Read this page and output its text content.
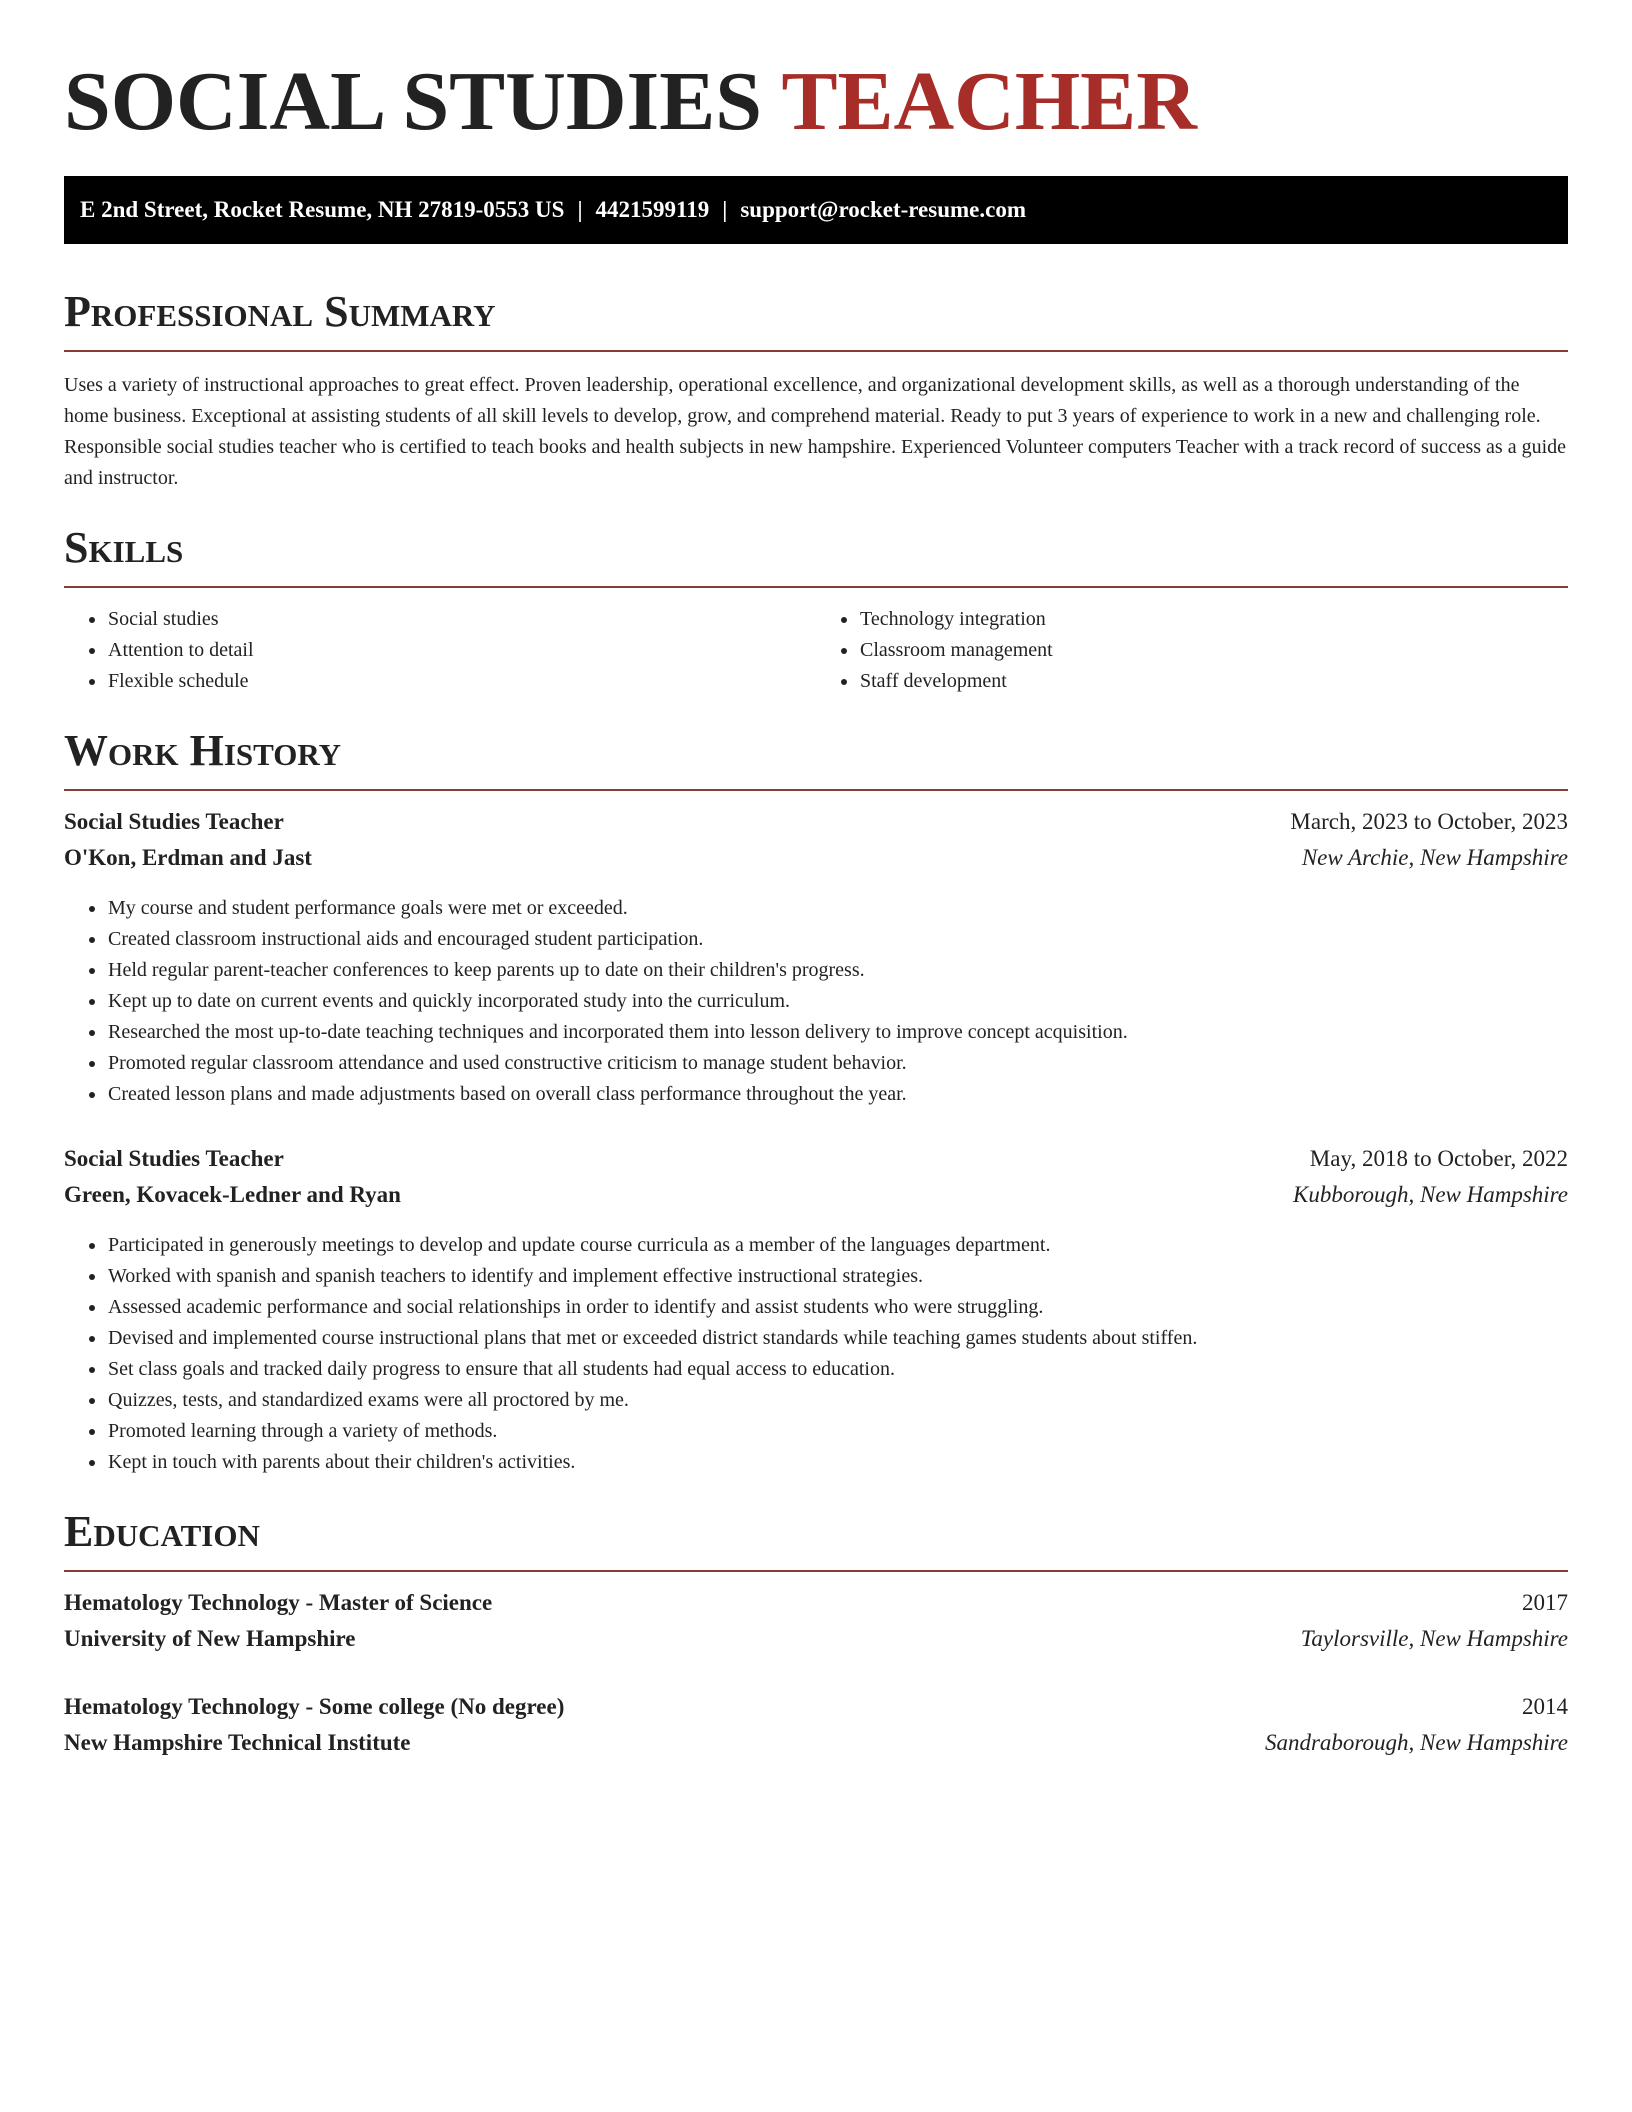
SOCIAL STUDIES TEACHER
E 2nd Street, Rocket Resume, NH 27819-0553 US | 4421599119 | support@rocket-resume.com
Professional Summary

Uses a variety of instructional approaches to great effect. Proven leadership, operational excellence, and organizational development skills, as well as a thorough understanding of the home business. Exceptional at assisting students of all skill levels to develop, grow, and comprehend material. Ready to put 3 years of experience to work in a new and challenging role. Responsible social studies teacher who is certified to teach books and health subjects in new hampshire. Experienced Volunteer computers Teacher with a track record of success as a guide and instructor.

Skills
• Social studies
• Attention to detail
• Flexible schedule
• Technology integration
• Classroom management
• Staff development
Work History
Social Studies Teacher	March, 2023 to October, 2023
O'Kon, Erdman and Jast	New Archie, New Hampshire
• My course and student performance goals were met or exceeded.
• Created classroom instructional aids and encouraged student participation.
• Held regular parent-teacher conferences to keep parents up to date on their children's progress.
• Kept up to date on current events and quickly incorporated study into the curriculum.
• Researched the most up-to-date teaching techniques and incorporated them into lesson delivery to improve concept acquisition.
• Promoted regular classroom attendance and used constructive criticism to manage student behavior.
• Created lesson plans and made adjustments based on overall class performance throughout the year.
Social Studies Teacher	May, 2018 to October, 2022
Green, Kovacek-Ledner and Ryan	Kubborough, New Hampshire
• Participated in generously meetings to develop and update course curricula as a member of the languages department.
• Worked with spanish and spanish teachers to identify and implement effective instructional strategies.
• Assessed academic performance and social relationships in order to identify and assist students who were struggling.
• Devised and implemented course instructional plans that met or exceeded district standards while teaching games students about stiffen.
• Set class goals and tracked daily progress to ensure that all students had equal access to education.
• Quizzes, tests, and standardized exams were all proctored by me.
• Promoted learning through a variety of methods.
• Kept in touch with parents about their children's activities.
Education
Hematology Technology - Master of Science	2017
University of New Hampshire	Taylorsville, New Hampshire
Hematology Technology - Some college (No degree)	2014
New Hampshire Technical Institute	Sandraborough, New Hampshire
